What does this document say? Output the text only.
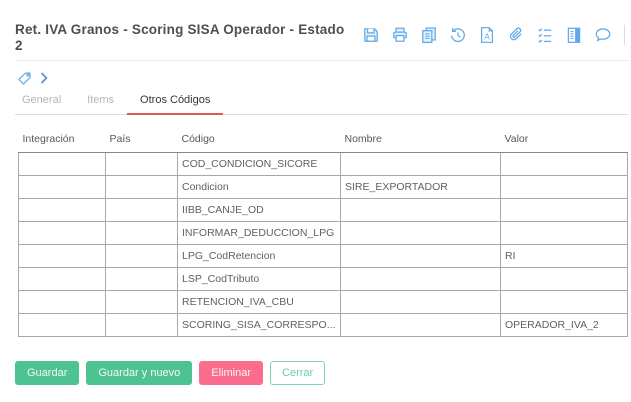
Ret. IVA Granos - Scoring SISA Operador - Estado 2
A
General	Items	Otros Códigos
Integración	País	Código	Nombre	Valor
		COD_CONDICION_SICORE		
		Condicion	SIRE_EXPORTADOR	
		IIBB_CANJE_OD		
		INFORMAR_DEDUCCION_LPG		
		LPG_CodRetencion		RI
		LSP_CodTributo		
		RETENCION_IVA_CBU		
		SCORING_SISA_CORRESPO...		OPERADOR_IVA_2
Guardar	Guardar y nuevo	Eliminar	Cerrar
